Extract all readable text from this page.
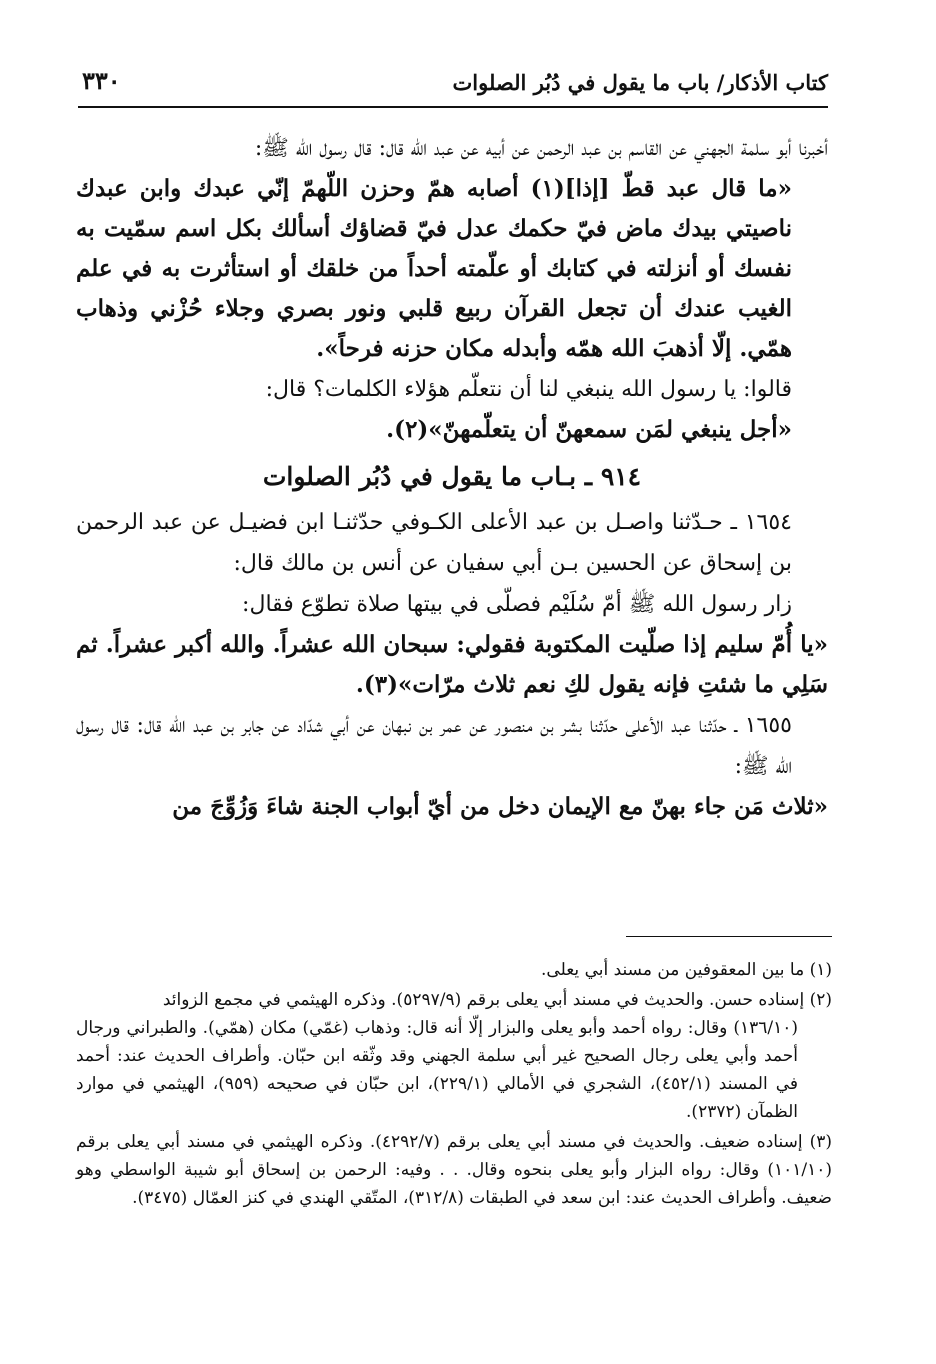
كتاب الأذكار/ باب ما يقول في دُبُر الصلوات
٣٣٠

أخبرنا أبو سلمة الجهني عن القاسم بن عبد الرحمن عن أبيه عن عبد الله قال: قال رسول الله ﷺ:

«ما قال عبد قطّ [إذا](١) أصابه همّ وحزن اللّهمّ إنّي عبدك وابن عبدك ناصيتي بيدك ماض فيّ حكمك عدل فيّ قضاؤك أسألك بكل اسم سمّيت به نفسك أو أنزلته في كتابك أو علّمته أحداً من خلقك أو استأثرت به في علم الغيب عندك أن تجعل القرآن ربيع قلبي ونور بصري وجلاء حُزْني وذهاب همّي. إلّا أذهبَ الله همّه وأبدله مكان حزنه فرحاً».

قالوا: يا رسول الله ينبغي لنا أن نتعلّم هؤلاء الكلمات؟ قال:

«أجل ينبغي لمَن سمعهنّ أن يتعلّمهنّ»(٢).

٩١٤ ـ بـاب ما يقول في دُبُر الصلوات

١٦٥٤ ـ حـدّثنا واصـل بن عبد الأعلى الكـوفي حدّثنـا ابن فضيـل عن عبد الرحمن بن إسحاق عن الحسين بـن أبي سفيان عن أنس بن مالك قال:

زار رسول الله ﷺ أمّ سُلَيْم فصلّى في بيتها صلاة تطوّع فقال:

«يا أُمّ سليم إذا صلّيت المكتوبة فقولي: سبحان الله عشراً. والله أكبر عشراً. ثم سَلِي ما شئتِ فإنه يقول لكِ نعم ثلاث مرّات»(٣).

١٦٥٥ ـ حدّثنا عبد الأعلى حدّثنا بشر بن منصور عن عمر بن نبهان عن أبي شدّاد عن جابر بن عبد الله قال: قال رسول الله ﷺ:

«ثلاث مَن جاء بهنّ مع الإيمان دخل من أيّ أبواب الجنة شاءَ وَزُوِّجَ من

(١) ما بين المعقوفين من مسند أبي يعلى.

(٢) إسناده حسن. والحديث في مسند أبي يعلى برقم (٥٢٩٧/٩). وذكره الهيثمي في مجمع الزوائد
(١٣٦/١٠) وقال: رواه أحمد وأبو يعلى والبزار إلّا أنه قال: وذهاب (غمّي) مكان (همّي). والطبراني ورجال أحمد وأبي يعلى رجال الصحيح غير أبي سلمة الجهني وقد وثّقه ابن حبّان. وأطراف الحديث عند: أحمد في المسند (٤٥٢/١)، الشجري في الأمالي (٢٢٩/١)، ابن حبّان في صحيحه (٩٥٩)، الهيثمي في موارد الظمآن (٢٣٧٢).

(٣) إسناده ضعيف. والحديث في مسند أبي يعلى برقم (٤٢٩٢/٧). وذكره الهيثمي في مسند أبي يعلى برقم (١٠١/١٠) وقال: رواه البزار وأبو يعلى بنحوه وقال. . . وفيه: الرحمن بن إسحاق أبو شيبة الواسطي وهو ضعيف. وأطراف الحديث عند: ابن سعد في الطبقات (٣١٢/٨)، المتّقي الهندي في كنز العمّال (٣٤٧٥).
